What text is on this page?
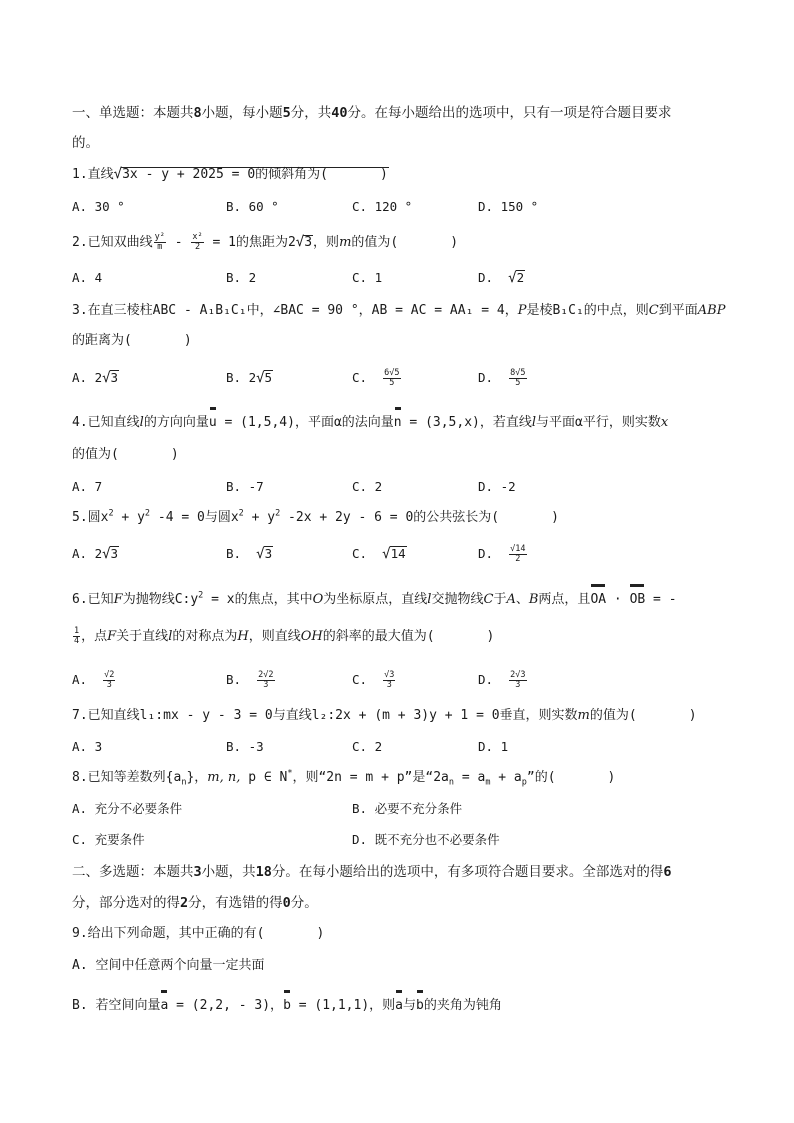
一、单选题：本题共8小题，每小题5分，共40分。在每小题给出的选项中，只有一项是符合题目要求
的。
1.直线√3x - y + 2025 = 0的倾斜角为(　　　　)
A. 30 °	B. 60 °	C. 120 °	D. 150 °
2.已知双曲线 $\frac{\text{y²}}{m} - \frac{\text{x²}}{2} = 1$的焦距为2√3，则m的值为(　　　　)
A. 4	B. 2	C. 1	D. √2
3.在直三棱柱ABC - A₁B₁C₁中，∠BAC = 90 °，AB = AC = AA₁ = 4，P是棱B₁C₁的中点，则C到平面ABP
的距离为(　　　　)
A. 2√3	B. 2√5	C. $\frac{6√5}{5}$	D. $\frac{8√5}{5}$
4.已知直线l的方向向量u = (1,5,4)，平面α的法向量n = (3,5,x)，若直线l与平面α平行，则实数x
的值为(　　　　)
A. 7	B. -7	C. 2	D. -2
5.圆$x^2 + y^2$ -4 = 0与圆$x^2 + y^2$ -2x + 2y - 6 = 0的公共弦长为(　　　　)
A. 2√3	B. √3	C. √14	D. $\frac{√14}{2}$
6.已知F为抛物线$C:y^2 = x$的焦点，其中O为坐标原点，直线l交抛物线C于A、B两点，且OA · OB = -
$\frac{1}{4}$ ，点F关于直线l的对称点为H，则直线OH的斜率的最大值为(　　　　)
A. $\frac{√2}{3}$	B. $\frac{2√2}{3}$	C. $\frac{√3}{3}$	D. $\frac{2√3}{3}$
7.已知直线l₁:mx - y - 3 = 0与直线l₂:2x + (m + 3)y + 1 = 0垂直，则实数m的值为(　　　　)
A. 3	B. -3	C. 2	D. 1
8.已知等差数列$\{a_n\}$，m, n, p ∈ N*，则“2n = m + p”是“$2a_n = a_m + a_p$”的(　　　　)
A. 充分不必要条件	B. 必要不充分条件
C. 充要条件	D. 既不充分也不必要条件
二、多选题：本题共3小题，共18分。在每小题给出的选项中，有多项符合题目要求。全部选对的得6
分，部分选对的得2分，有选错的得0分。
9.给出下列命题，其中正确的有(　　　　)
A. 空间中任意两个向量一定共面
B. 若空间向量a = (2,2, - 3)，b = (1,1,1)，则a与b的夹角为钝角
